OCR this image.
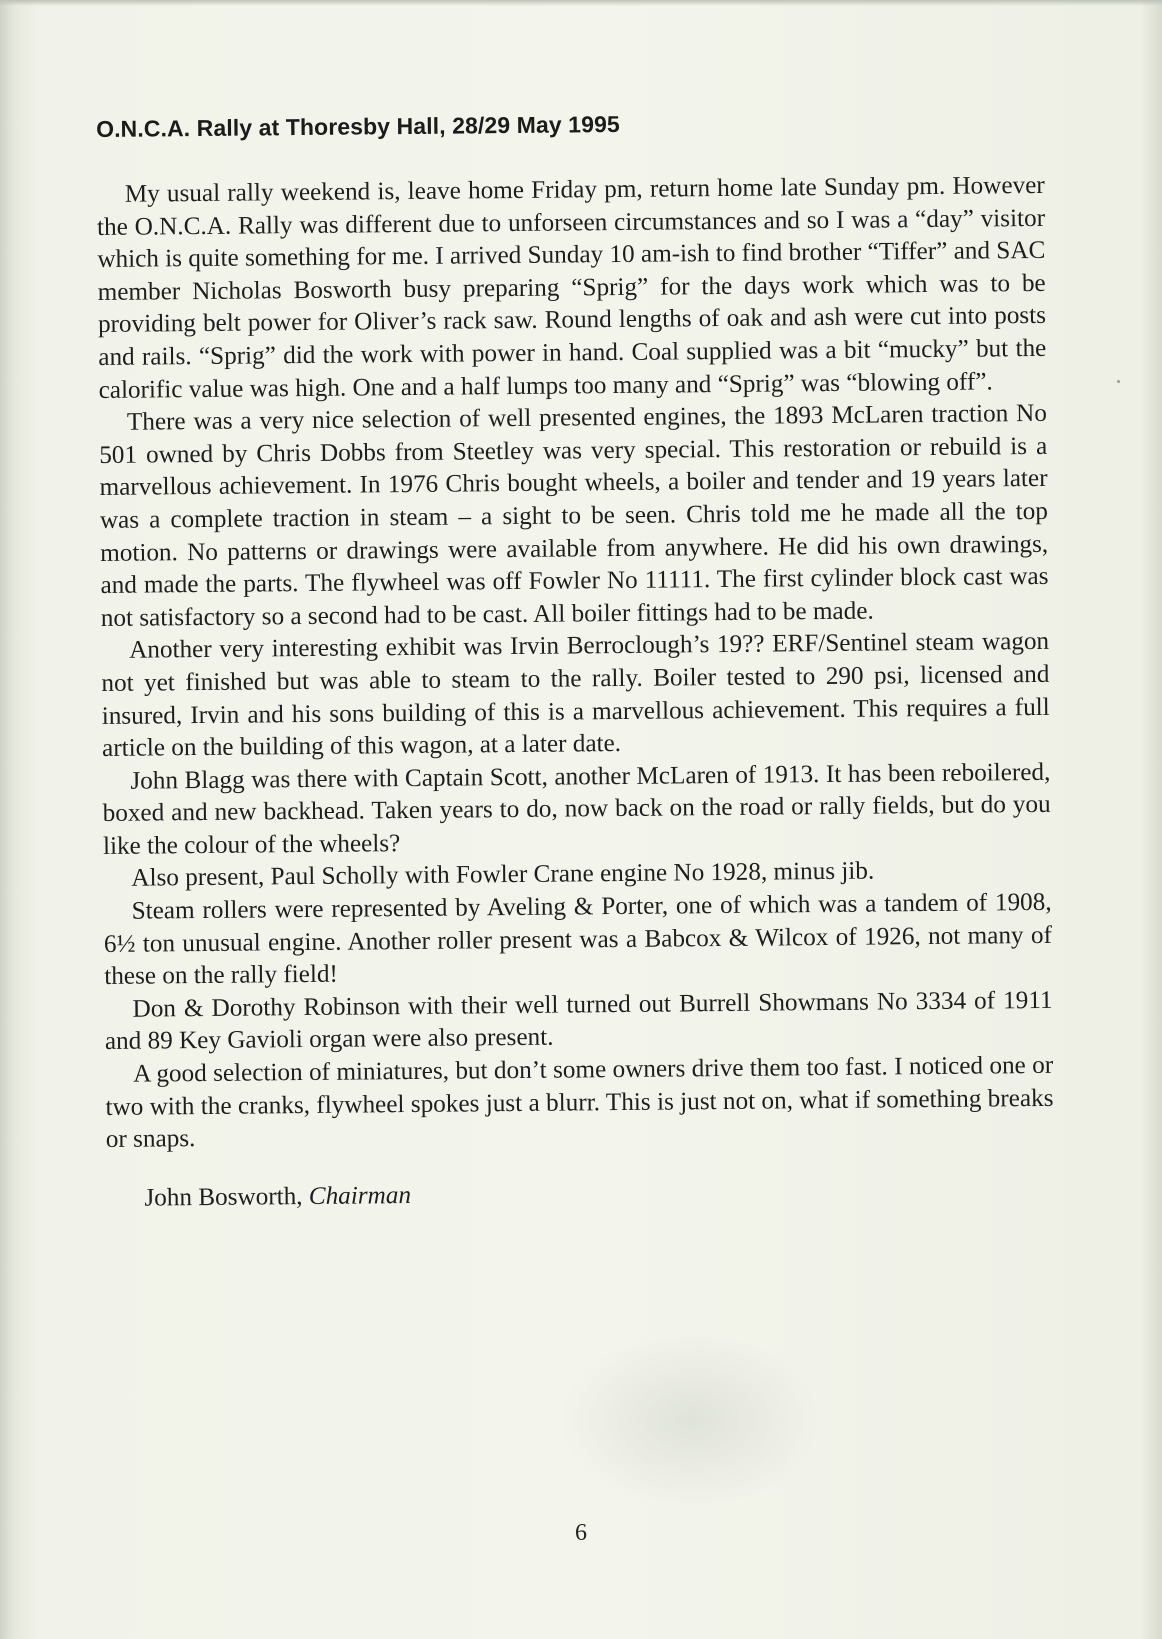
O.N.C.A. Rally at Thoresby Hall, 28/29 May 1995

My usual rally weekend is, leave home Friday pm, return home late Sunday pm. However the O.N.C.A. Rally was different due to unforseen circumstances and so I was a “day” visitor which is quite something for me. I arrived Sunday 10 am-ish to find brother “Tiffer” and SAC member Nicholas Bosworth busy preparing “Sprig” for the days work which was to be providing belt power for Oliver’s rack saw. Round lengths of oak and ash were cut into posts and rails. “Sprig” did the work with power in hand. Coal supplied was a bit “mucky” but the calorific value was high. One and a half lumps too many and “Sprig” was “blowing off”.

There was a very nice selection of well presented engines, the 1893 McLaren traction No 501 owned by Chris Dobbs from Steetley was very special. This restoration or rebuild is a marvellous achievement. In 1976 Chris bought wheels, a boiler and tender and 19 years later was a complete traction in steam – a sight to be seen. Chris told me he made all the top motion. No patterns or drawings were available from anywhere. He did his own drawings, and made the parts. The flywheel was off Fowler No 11111. The first cylinder block cast was not satisfactory so a second had to be cast. All boiler fittings had to be made.

Another very interesting exhibit was Irvin Berroclough’s 19?? ERF/Sentinel steam wagon not yet finished but was able to steam to the rally. Boiler tested to 290 psi, licensed and insured, Irvin and his sons building of this is a marvellous achievement. This requires a full article on the building of this wagon, at a later date.

John Blagg was there with Captain Scott, another McLaren of 1913. It has been reboilered, boxed and new backhead. Taken years to do, now back on the road or rally fields, but do you like the colour of the wheels?

Also present, Paul Scholly with Fowler Crane engine No 1928, minus jib.

Steam rollers were represented by Aveling & Porter, one of which was a tandem of 1908, 6½ ton unusual engine. Another roller present was a Babcox & Wilcox of 1926, not many of these on the rally field!

Don & Dorothy Robinson with their well turned out Burrell Showmans No 3334 of 1911 and 89 Key Gavioli organ were also present.

A good selection of miniatures, but don’t some owners drive them too fast. I noticed one or two with the cranks, flywheel spokes just a blurr. This is just not on, what if something breaks or snaps.

John Bosworth, Chairman
6
